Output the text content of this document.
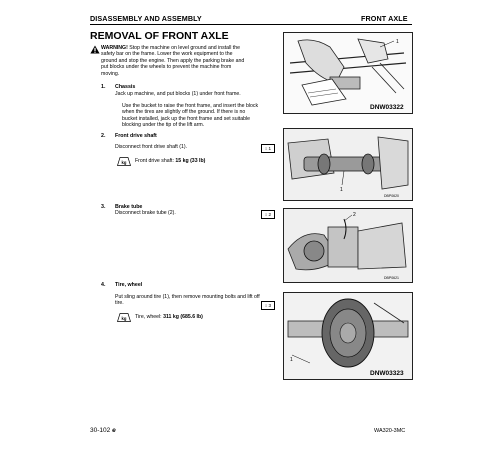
DISASSEMBLY AND ASSEMBLY	FRONT AXLE
REMOVAL OF FRONT AXLE
WARNING! Stop the machine on level ground and install the
safety bar on the frame. Lower the work equipment to the
ground and stop the engine. Then apply the parking brake and
put blocks under the wheels to prevent the machine from
moving.
1. Chassis
Jack up machine, and put blocks (1) under front frame.
Use the bucket to raise the front frame, and insert the block
when the tires are slightly off the ground. If there is no
bucket installed, jack up the front frame and set suitable
blocking under the tip of the lift arm.
2. Front drive shaft
Disconnect front drive shaft (1).	↕ 1
kg Front drive shaft: 15 kg (33 lb)
3. Brake tube
Disconnect brake tube (2).	↕ 2
4. Tire, wheel
Put sling around tire (1), then remove mounting bolts and lift off
tire.	↕ 3
kg Tire, wheel: 311 kg (685.6 lb)
1
DNW03322
1
DBP0620
2
DBP0621
1
DNW03323
30-102 e	WA320-3MC
